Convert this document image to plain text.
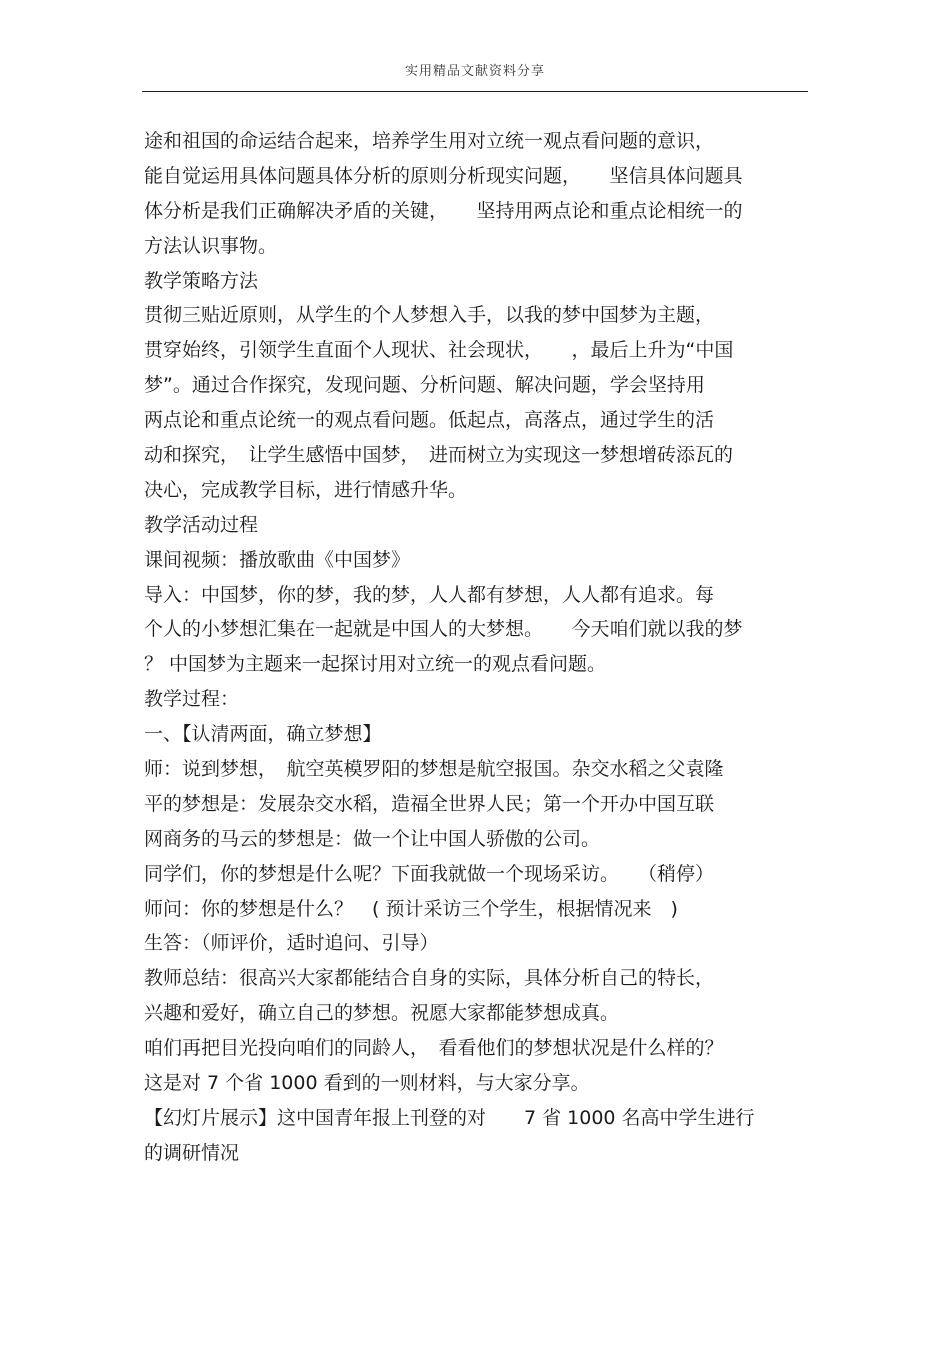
实用精品文献资料分享
途和祖国的命运结合起来，培养学生用对立统一观点看问题的意识，
能自觉运用具体问题具体分析的原则分析现实问题，　　坚信具体问题具
体分析是我们正确解决矛盾的关键，　　坚持用两点论和重点论相统一的
方法认识事物。
教学策略方法
贯彻三贴近原则，从学生的个人梦想入手，以我的梦中国梦为主题，
贯穿始终，引领学生直面个人现状、社会现状，　　，最后上升为“中国
梦”。通过合作探究，发现问题、分析问题、解决问题，学会坚持用
两点论和重点论统一的观点看问题。低起点，高落点，通过学生的活
动和探究，　让学生感悟中国梦，　进而树立为实现这一梦想增砖添瓦的
决心，完成教学目标，进行情感升华。
教学活动过程
课间视频：播放歌曲《中国梦》
导入：中国梦，你的梦，我的梦，人人都有梦想，人人都有追求。每
个人的小梦想汇集在一起就是中国人的大梦想。　　今天咱们就以我的梦
？ 中国梦为主题来一起探讨用对立统一的观点看问题。
教学过程：
一、【认清两面，确立梦想】
师：说到梦想，　航空英模罗阳的梦想是航空报国。杂交水稻之父袁隆
平的梦想是：发展杂交水稻，造福全世界人民；第一个开办中国互联
网商务的马云的梦想是：做一个让中国人骄傲的公司。
同学们，你的梦想是什么呢？下面我就做一个现场采访。　　（稍停）
师问：你的梦想是什么？　( 预计采访三个学生，根据情况来　)
生答：（师评价，适时追问、引导）
教师总结：很高兴大家都能结合自身的实际，具体分析自己的特长，
兴趣和爱好，确立自己的梦想。祝愿大家都能梦想成真。
咱们再把目光投向咱们的同龄人，　看看他们的梦想状况是什么样的？
这是对 7 个省 1000 看到的一则材料，与大家分享。
【幻灯片展示】这中国青年报上刊登的对　　7 省 1000 名高中学生进行
的调研情况
